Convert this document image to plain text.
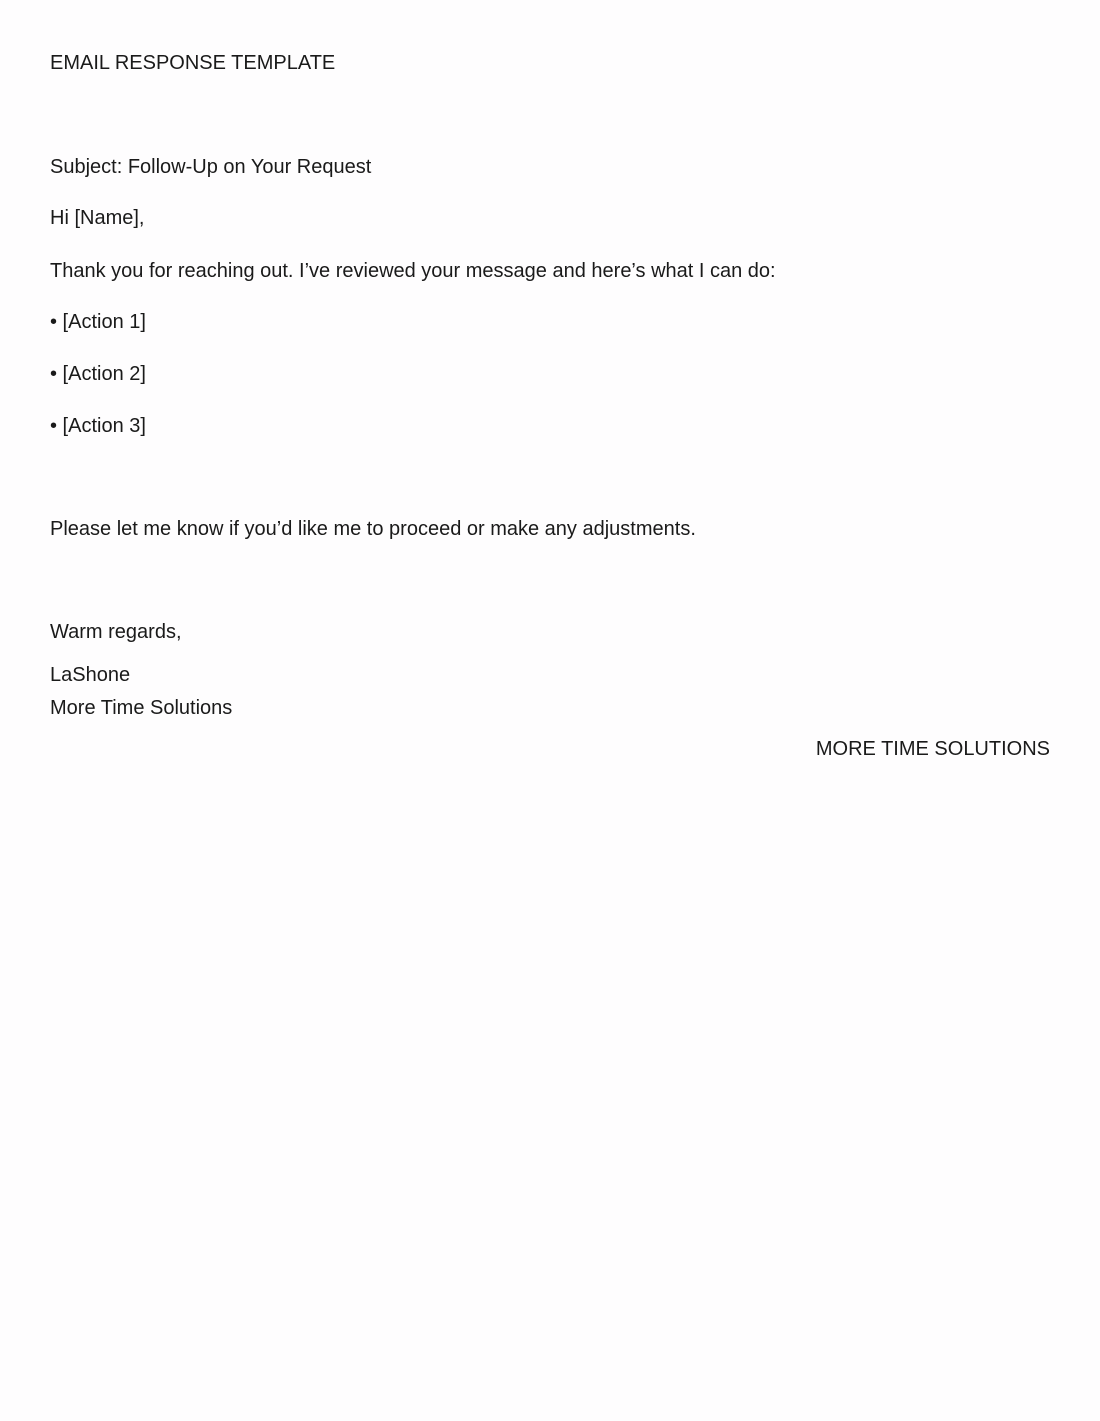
EMAIL RESPONSE TEMPLATE
Subject: Follow-Up on Your Request
Hi [Name],
Thank you for reaching out. I’ve reviewed your message and here’s what I can do:
• [Action 1]
• [Action 2]
• [Action 3]
Please let me know if you’d like me to proceed or make any adjustments.
Warm regards,
LaShone
More Time Solutions
MORE TIME SOLUTIONS
